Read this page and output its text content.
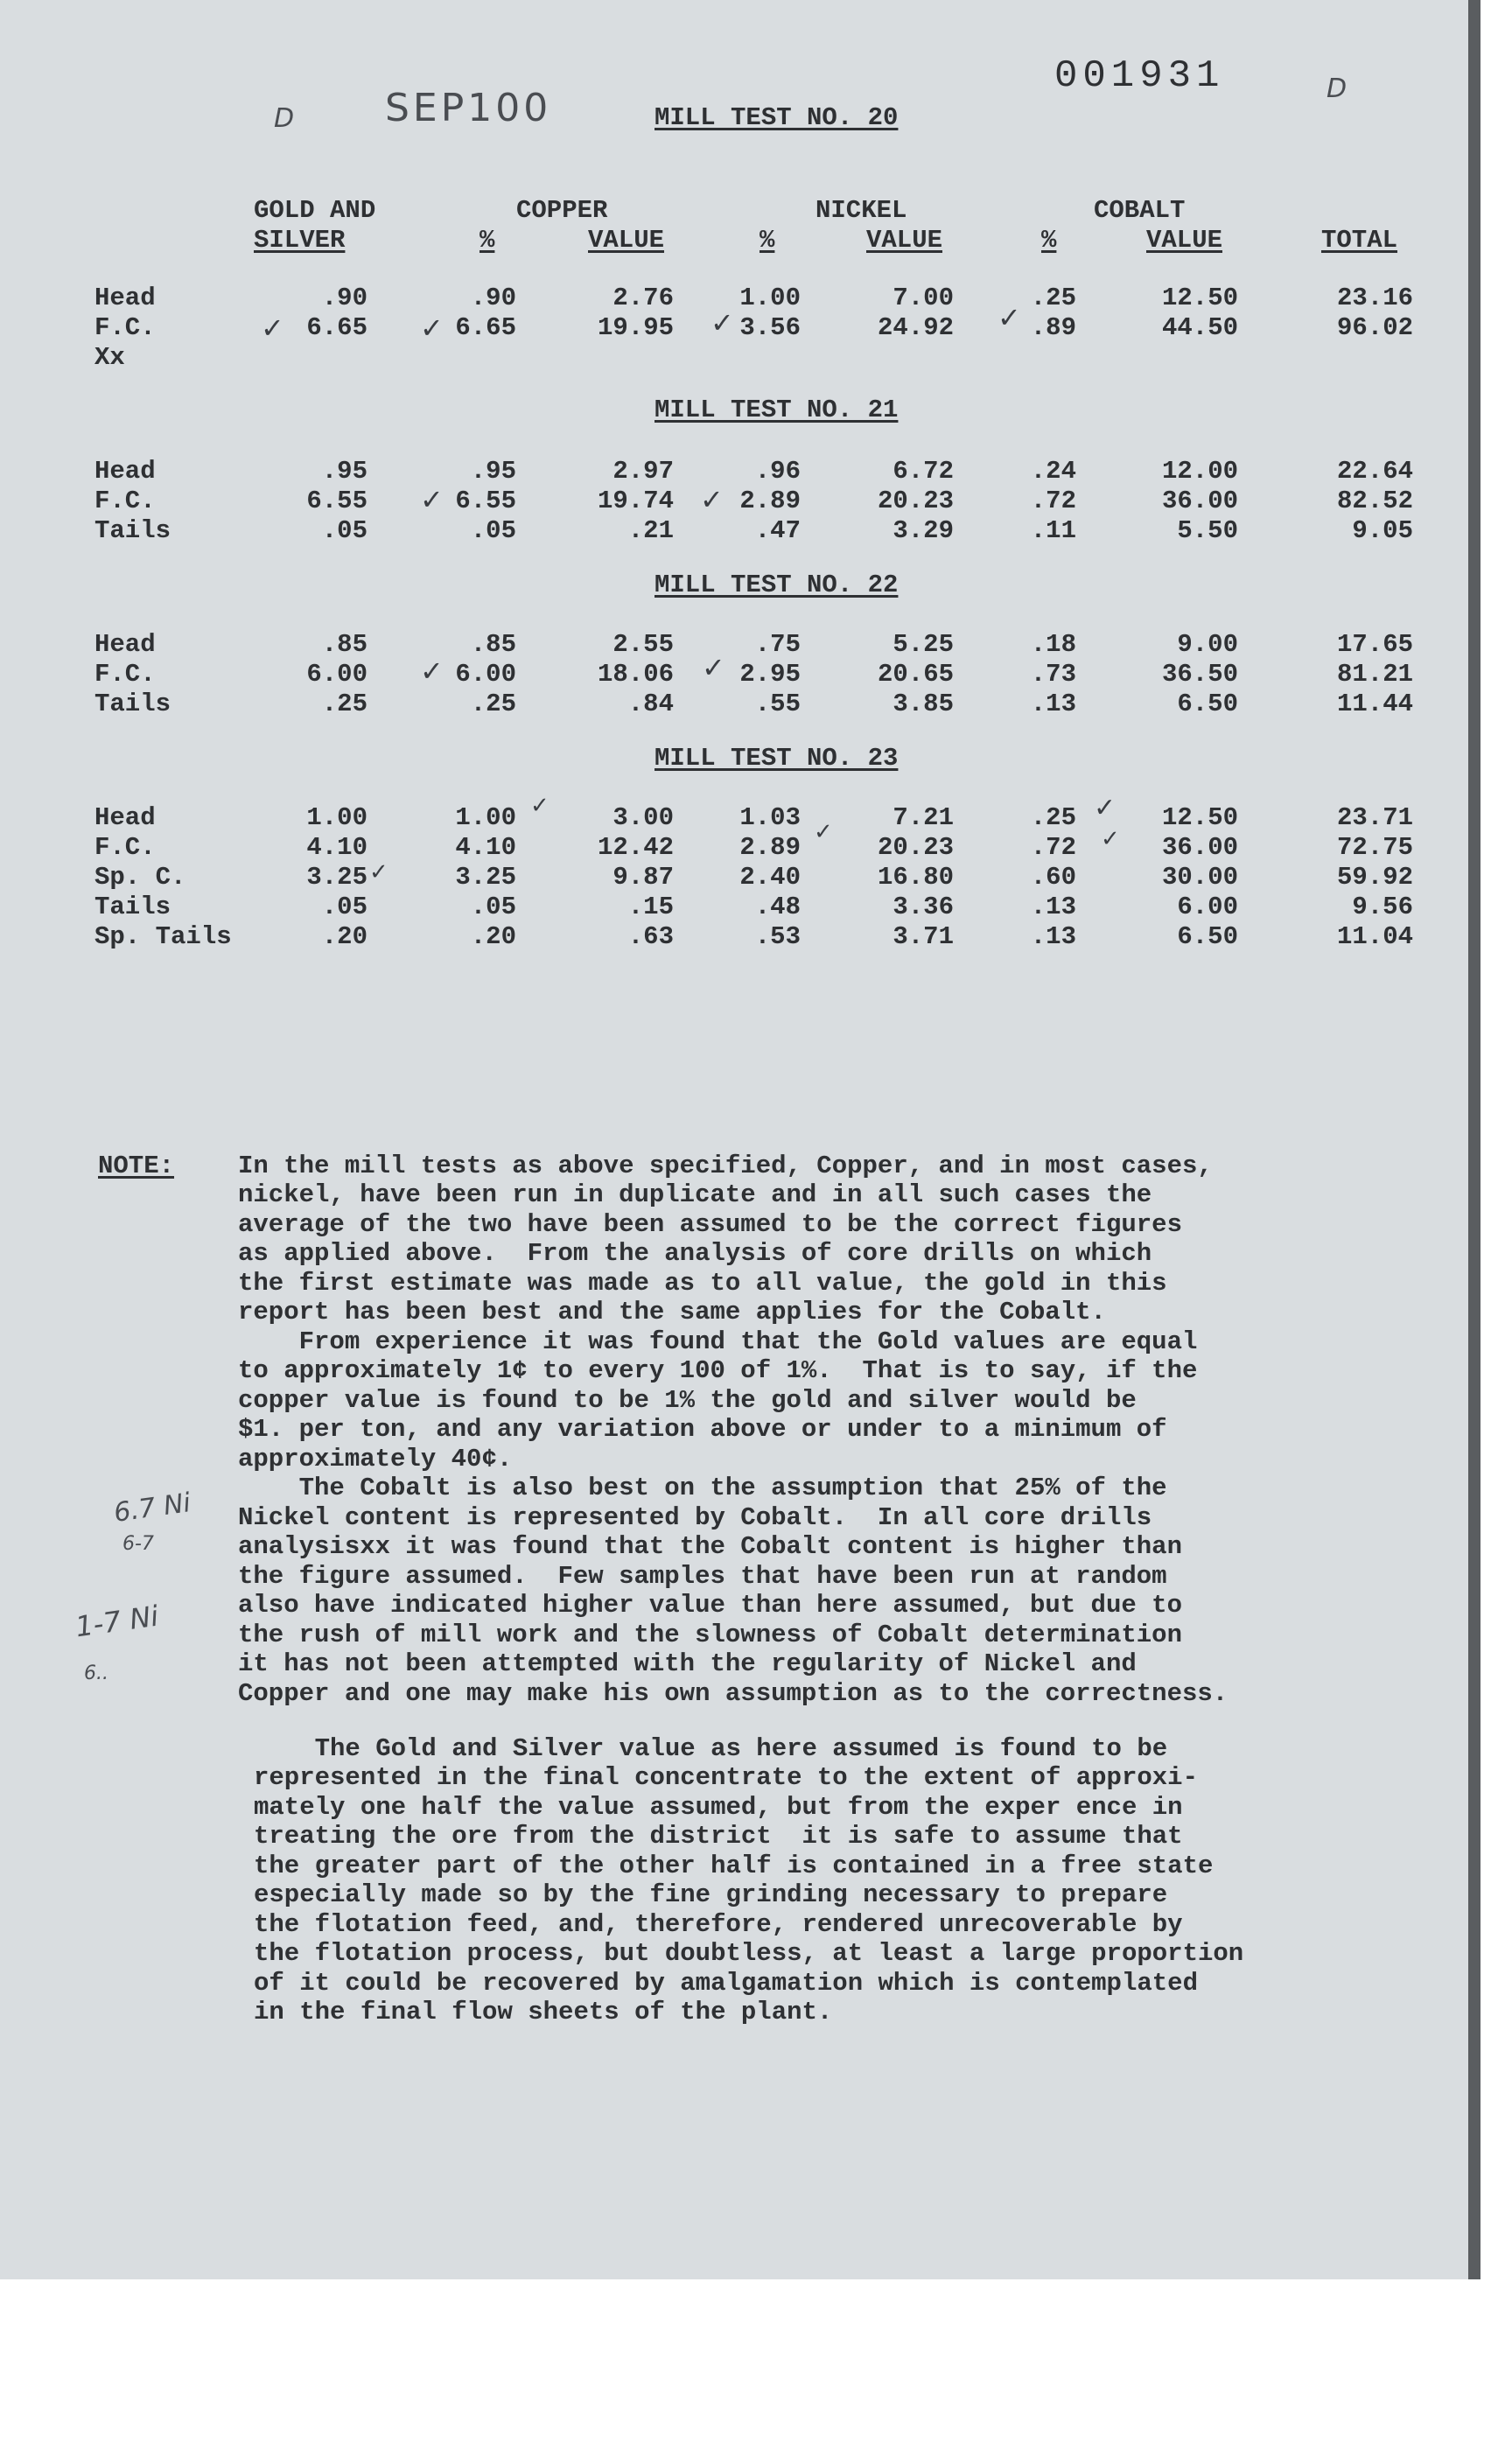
D SEP100
001931	D
MILL TEST NO. 20
GOLD AND
SILVER
COPPER
%	VALUE
NICKEL
%	VALUE
COBALT
%	VALUE	TOTAL
Head	.90	.90	2.76	1.00	7.00	.25	12.50	23.16
F.C.	6.65	6.65	19.95	3.56	24.92	.89	44.50	96.02
Xx
✓	✓	✓	✓
MILL TEST NO. 21
Head	.95	.95	2.97	.96	6.72	.24	12.00	22.64
F.C.	6.55	6.55	19.74	2.89	20.23	.72	36.00	82.52
Tails	.05	.05	.21	.47	3.29	.11	5.50	9.05
✓	✓
MILL TEST NO. 22
Head	.85	.85	2.55	.75	5.25	.18	9.00	17.65
F.C.	6.00	6.00	18.06	2.95	20.65	.73	36.50	81.21
Tails	.25	.25	.84	.55	3.85	.13	6.50	11.44
✓	✓
MILL TEST NO. 23
Head	1.00	1.00	3.00	1.03	7.21	.25	12.50	23.71
F.C.	4.10	4.10	12.42	2.89	20.23	.72	36.00	72.75
Sp. C.	3.25	3.25	9.87	2.40	16.80	.60	30.00	59.92
Tails	.05	.05	.15	.48	3.36	.13	6.00	9.56
Sp. Tails	.20	.20	.63	.53	3.71	.13	6.50	11.04
✓
✓
✓
✓
✓
NOTE:	In the mill tests as above specified, Copper, and in most cases,
nickel, have been run in duplicate and in all such cases the
average of the two have been assumed to be the correct figures
as applied above.  From the analysis of core drills on which
the first estimate was made as to all value, the gold in this
report has been best and the same applies for the Cobalt.
From experience it was found that the Gold values are equal
to approximately 1¢ to every 100 of 1%.  That is to say, if the
copper value is found to be 1% the gold and silver would be
$1. per ton, and any variation above or under to a minimum of
approximately 40¢.
The Cobalt is also best on the assumption that 25% of the
Nickel content is represented by Cobalt.  In all core drills
analysisxx it was found that the Cobalt content is higher than
the figure assumed.  Few samples that have been run at random
also have indicated higher value than here assumed, but due to
the rush of mill work and the slowness of Cobalt determination
it has not been attempted with the regularity of Nickel and
Copper and one may make his own assumption as to the correctness.
6.7 Ni
6-7
1-7 Ni
6..
The Gold and Silver value as here assumed is found to be
represented in the final concentrate to the extent of approxi-
mately one half the value assumed, but from the exper ence in
treating the ore from the district  it is safe to assume that
the greater part of the other half is contained in a free state
especially made so by the fine grinding necessary to prepare
the flotation feed, and, therefore, rendered unrecoverable by
the flotation process, but doubtless, at least a large proportion
of it could be recovered by amalgamation which is contemplated
in the final flow sheets of the plant.
